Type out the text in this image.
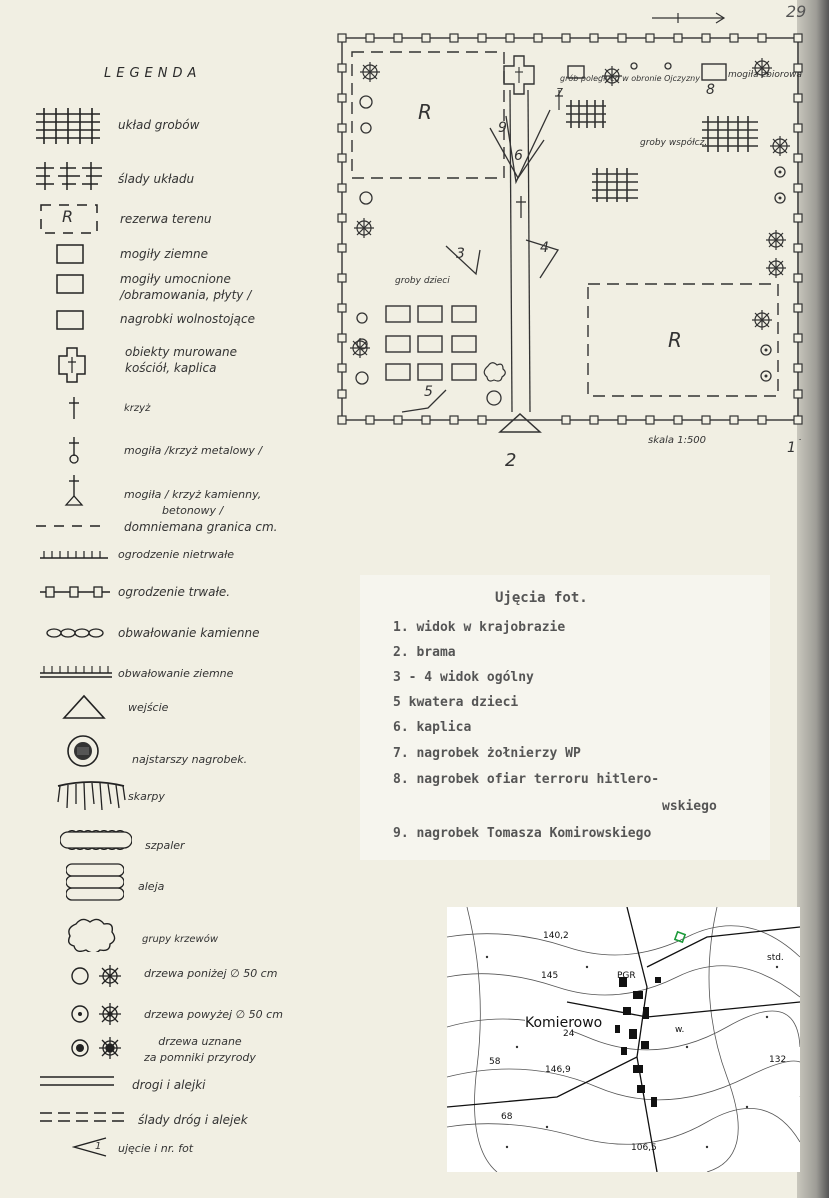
29
LEGENDA
układ grobów
ślady układu
R	rezerwa terenu
mogiły ziemne
mogiły umocnione
/obramowania, płyty /
nagrobki wolnostojące
obiekty murowane
kościół, kaplica
krzyż
mogiła /krzyż metalowy /
mogiła / krzyż kamienny,
betonowy /
domniemana granica cm.
ogrodzenie nietrwałe
ogrodzenie trwałe.
obwałowanie kamienne
obwałowanie ziemne
wejście
najstarszy nagrobek.
skarpy
szpaler
aleja
grupy krzewów
drzewa poniżej ∅ 50 cm
drzewa powyżej ∅ 50 cm
drzewa uznane
za pomniki przyrody
drogi i alejki
ślady dróg i alejek
1 ujęcie i nr. fot
R
R
grób poległych w obronie Ojczyzny	mogiła zbiorowa
groby współcz.
groby dzieci
1
2
3	4
5
6
7	8
9
skala 1:500
Ujęcia fot.
1. widok w krajobrazie
2. brama
3 - 4 widok ogólny
5 kwatera dzieci
6. kaplica
7. nagrobek żołnierzy WP
8. nagrobek ofiar terroru hitlero-
wskiego
9. nagrobek Tomasza Komirowskiego
Komierowo
140,2
145
24
58
146,9
68
106,5
132
PGR
w.
std.
